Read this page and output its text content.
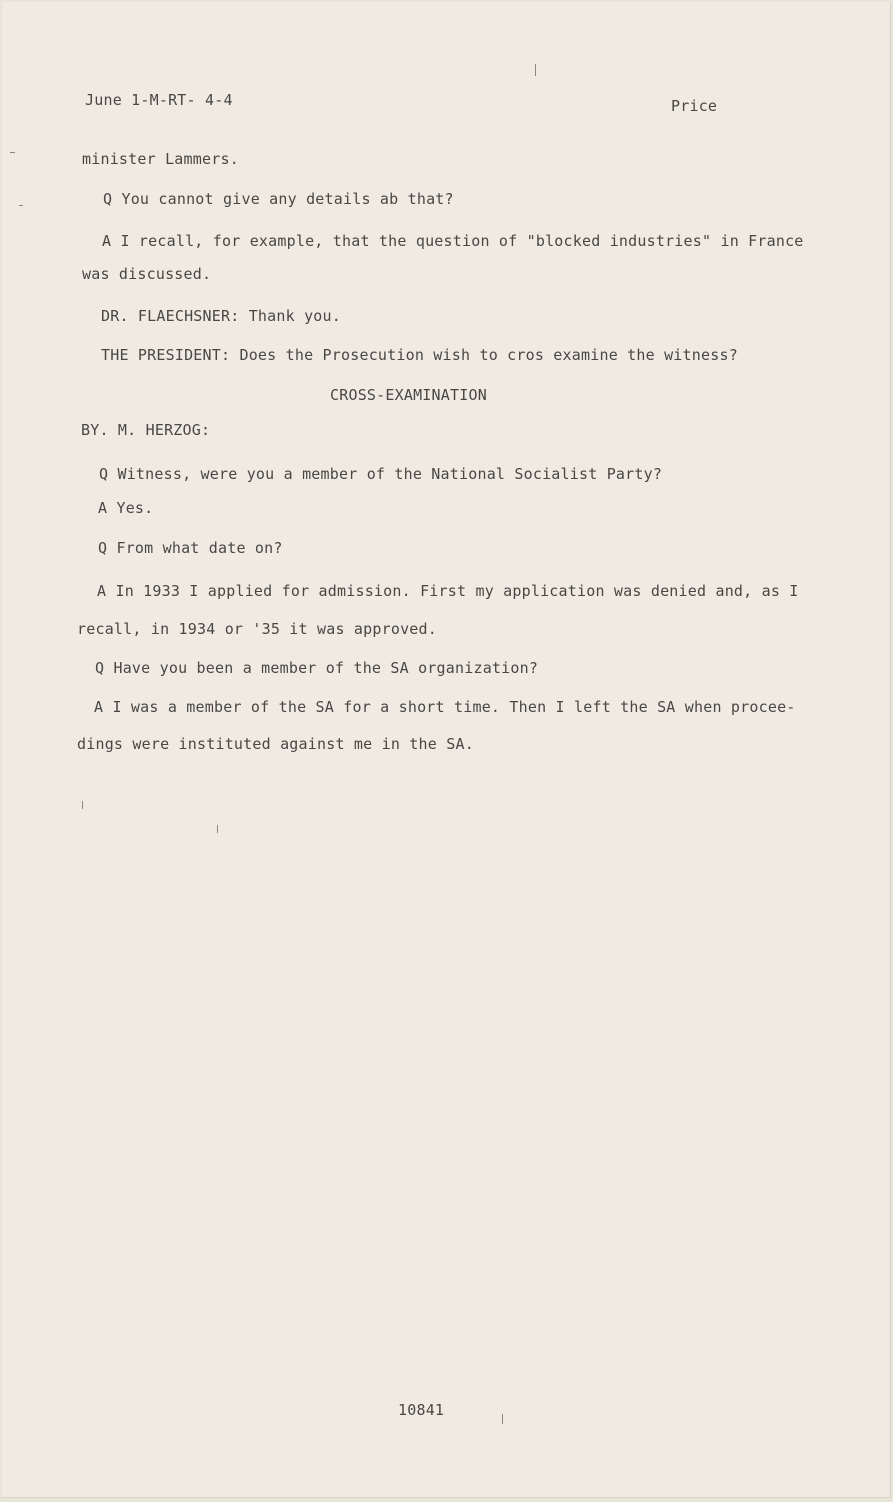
June 1-M-RT- 4-4	Price
minister Lammers.
Q You cannot give any details ab that?
A I recall, for example, that the question of "blocked industries" in France
was discussed.
DR. FLAECHSNER: Thank you.
THE PRESIDENT: Does the Prosecution wish to cros examine the witness?
CROSS-EXAMINATION
BY. M. HERZOG:
Q Witness, were you a member of the National Socialist Party?
A Yes.
Q From what date on?
A In 1933 I applied for admission. First my application was denied and, as I
recall, in 1934 or '35 it was approved.
Q Have you been a member of the SA organization?
A I was a member of the SA for a short time. Then I left the SA when procee-
dings were instituted against me in the SA.
10841
